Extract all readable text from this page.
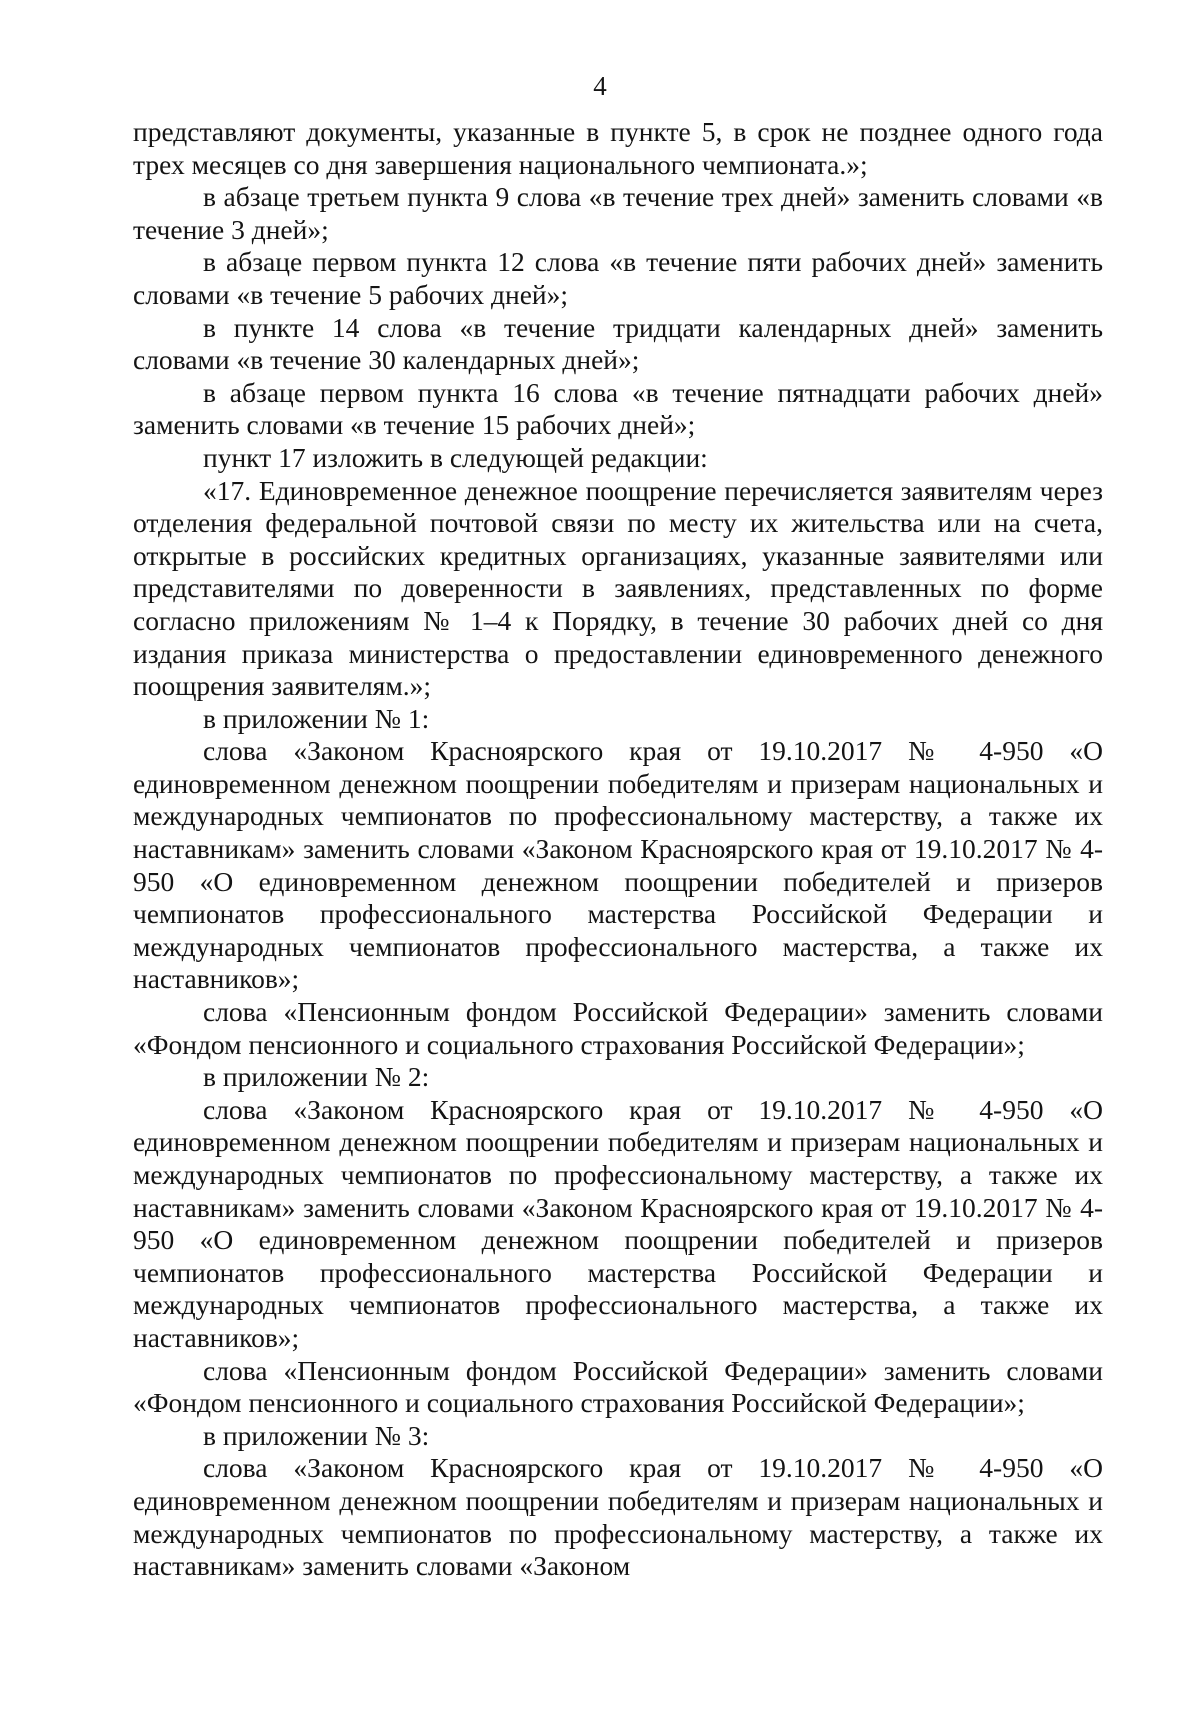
4

представляют документы, указанные в пункте 5, в срок не позднее одного года трех месяцев со дня завершения национального чемпионата.»;

в абзаце третьем пункта 9 слова «в течение трех дней» заменить словами «в течение 3 дней»;

в абзаце первом пункта 12 слова «в течение пяти рабочих дней» заменить словами «в течение 5 рабочих дней»;

в пункте 14 слова «в течение тридцати календарных дней» заменить словами «в течение 30 календарных дней»;

в абзаце первом пункта 16 слова «в течение пятнадцати рабочих дней» заменить словами «в течение 15 рабочих дней»;

пункт 17 изложить в следующей редакции:

«17. Единовременное денежное поощрение перечисляется заявителям через отделения федеральной почтовой связи по месту их жительства или на счета, открытые в российских кредитных организациях, указанные заявителями или представителями по доверенности в заявлениях, представленных по форме согласно приложениям № 1–4 к Порядку, в течение 30 рабочих дней со дня издания приказа министерства о предоставлении единовременного денежного поощрения заявителям.»;

в приложении № 1:

слова «Законом Красноярского края от 19.10.2017 № 4-950 «О единовременном денежном поощрении победителям и призерам национальных и международных чемпионатов по профессиональному мастерству, а также их наставникам» заменить словами «Законом Красноярского края от 19.10.2017 № 4-950 «О единовременном денежном поощрении победителей и призеров чемпионатов профессионального мастерства Российской Федерации и международных чемпионатов профессионального мастерства, а также их наставников»;

слова «Пенсионным фондом Российской Федерации» заменить словами «Фондом пенсионного и социального страхования Российской Федерации»;

в приложении № 2:

слова «Законом Красноярского края от 19.10.2017 № 4-950 «О единовременном денежном поощрении победителям и призерам национальных и международных чемпионатов по профессиональному мастерству, а также их наставникам» заменить словами «Законом Красноярского края от 19.10.2017 № 4-950 «О единовременном денежном поощрении победителей и призеров чемпионатов профессионального мастерства Российской Федерации и международных чемпионатов профессионального мастерства, а также их наставников»;

слова «Пенсионным фондом Российской Федерации» заменить словами «Фондом пенсионного и социального страхования Российской Федерации»;

в приложении № 3:

слова «Законом Красноярского края от 19.10.2017 № 4-950 «О единовременном денежном поощрении победителям и призерам национальных и международных чемпионатов по профессиональному мастерству, а также их наставникам» заменить словами «Законом
